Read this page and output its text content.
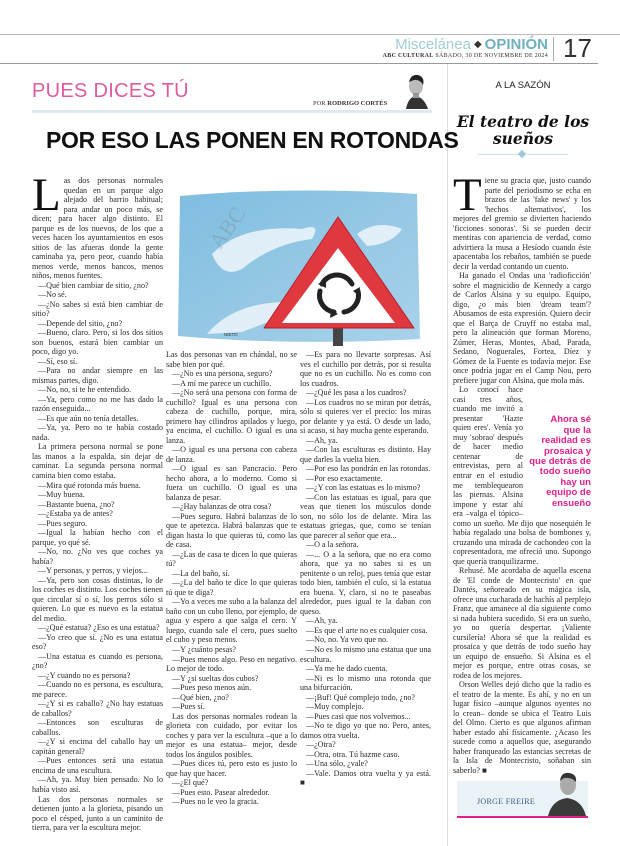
Miscelánea ◆ OPINIÓN
ABC CULTURAL SÁBADO, 30 DE NOVIEMBRE DE 2024 17
PUES DICES TÚ
POR RODRIGO CORTÉS
POR ESO LAS PONEN EN ROTONDAS
A LA SAZÓN
El teatro de los sueños
NIETO
ABC
Las dos personas normales quedan en un parque algo alejado del barrio habitual; para andar un poco más, se dicen; para hacer algo distinto. El parque es de los nuevos, de los que a veces hacen los ayuntamientos en esos sitios de las afueras donde la gente caminaba ya, pero peor, cuando había menos verde, menos bancos, menos niños, menos fuentes.

—Qué bien cambiar de sitio, ¿no?

—No sé.

—¿No sabes si está bien cambiar de sitio?

—Depende del sitio, ¿no?

—Bueno, claro. Pero, si los dos sitios son buenos, estará bien cambiar un poco, digo yo.

—Sí, eso sí.

—Para no andar siempre en las mismas partes, digo.

—No, no, si te he entendido.

—Ya, pero como no me has dado la razón enseguida...

—Es que aún no tenía detalles.

—Ya, ya. Pero no te había costado nada.

La primera persona normal se pone las manos a la espalda, sin dejar de caminar. La segunda persona normal camina bien como estaba.

—Mira qué rotonda más buena.

—Muy buena.

—Bastante buena, ¿no?

—¿Estaba ya de antes?

—Pues seguro.

—Igual la habían hecho con el parque, yo qué sé.

—No, no. ¿No ves que coches ya había?

—Y personas, y perros, y viejos...

—Ya, pero son cosas distintas, lo de los coches es distinto. Los coches tienen que circular sí o sí, los perros sólo si quieren. Lo que es nuevo es la estatua del medio.

—¿Qué estatua? ¿Eso es una estatua?

—Yo creo que sí. ¿No es una estatua eso?

—Una estatua es cuando es persona, ¿no?

—¿Y cuando no es persona?

—Cuando no es persona, es escultura, me parece.

—¿Y si es caballo? ¿No hay estatuas de caballos?

—Entonces son esculturas de caballos.

—¿Y si encima del caballo hay un capitán general?

—Pues entonces será una estatua encima de una escultura.

—Ah, ya. Muy bien pensado. No lo había visto así.

Las dos personas normales se detienen junto a la glorieta, pisando un poco el césped, junto a un caminito de tierra, para ver la escultura mejor.

Las dos personas van en chándal, no se sabe bien por qué.

—¿No es una persona, seguro?

—A mí me parece un cuchillo.

—¿No será una persona con forma de cuchillo? Igual es una persona con cabeza de cuchillo, porque, mira, primero hay cilindros apilados y luego, ya encima, el cuchillo. O igual es una lanza.

—O igual es una persona con cabeza de lanza.

—O igual es san Pancracio. Pero hecho ahora, a lo moderno. Como si fuera un cuchillo. O igual es una balanza de pesar.

—¿Hay balanzas de otra cosa?

—Pues seguro. Habrá balanzas de lo que te apetezca. Habrá balanzas que te digan hasta lo que quieras tú, como las de casa.

—¿Las de casa te dicen lo que quieras tú?

—La del baño, sí.

—¿La del baño te dice lo que quieras tú que te diga?

—Yo a veces me subo a la balanza del baño con un cubo lleno, por ejemplo, de agua y espero a que salga el cero. Y luego, cuando sale el cero, pues suelto el cubo y peso menos.

—Y ¿cuánto pesas?

—Pues menos algo. Peso en negativo. Lo mejor de todo.

—Y ¿si sueltas dos cubos?

—Pues peso menos aún.

—Qué bien, ¿no?

—Pues sí.

Las dos personas normales rodean la glorieta con cuidado, por evitar los coches y para ver la escultura –que a lo mejor es una estatua– mejor, desde todos los ángulos posibles.

—Pues dices tú, pero esto es justo lo que hay que hacer.

—¿El qué?

—Pues esto. Pasear alrededor.

—Pues no le veo la gracia.

—Es para no llevarte sorpresas. Así ves el cuchillo por detrás, por si resulta que no es un cuchillo. No es como con los cuadros.

—¿Qué les pasa a los cuadros?

—Los cuadros no se miran por detrás, sólo si quieres ver el precio: los miras por delante y ya está. O desde un lado, si acaso, si hay mucha gente esperando.

—Ah, ya.

—Con las esculturas es distinto. Hay que darles la vuelta bien.

—Por eso las pondrán en las rotondas.

—Por eso exactamente.

—¿Y con las estatuas es lo mismo?

—Con las estatuas es igual, para que veas que tienen los músculos donde son, no sólo los de delante. Mira las estatuas griegas, que, como se tenían que parecer al señor que era...

—O a la señora.

—... O a la señora, que no era como ahora, que ya no sabes si es un penitente o un reloj, pues tenía que estar todo bien, también el culo, si la estatua era buena. Y, claro, si no te paseabas alrededor, pues igual te la daban con queso.

—Ah, ya.

—Es que el arte no es cualquier cosa.

—No, no. Ya veo que no.

—No es lo mismo una estatua que una escultura.

—Ya me he dado cuenta.

—Ni es lo mismo una rotonda que una bifurcación.

—¡Buf! Qué complejo todo, ¿no?

—Muy complejo.

—Pues casi que nos volvemos...

—No te digo yo que no. Pero, antes, damos otra vuelta.

—¿Otra?

—Otra, otra. Tú hazme caso.

—Una sólo, ¿vale?

—Vale. Damos otra vuelta y ya está. ■

Tiene su gracia que, justo cuando parte del periodismo se echa en brazos de las 'fake news' y los 'hechos alternativos', los mejores del gremio se divierten haciendo 'ficciones sonoras'. Si se pueden decir mentiras con apariencia de verdad, como advirtiera la musa a Hesíodo cuando éste apacentaba los rebaños, también se puede decir la verdad contando un cuento.

Ha ganado el Ondas una 'radioficción' sobre el magnicidio de Kennedy a cargo de Carlos Alsina y su equipo. Equipo, digo, ¿o más bien 'dream team'? Abusamos de esta expresión. Quiero decir que el Barça de Cruyff no estaba mal, pero la alineación que forman Moreno, Zúmer, Heras, Montes, Abad, Parada, Sedano, Noguerales, Fortea, Díez y Gómez de la Fuente es todavía mejor. Ese once podría jugar en el Camp Nou, pero prefiere jugar con Alsina, que mola más.

Ahora sé que la realidad es prosaica y que detrás de todo sueño hay un equipo de ensueño
Lo conocí hace casi tres años, cuando me invitó a presentar 'Hazte quien eres'. Venía yo muy 'sobrao' después de hacer medio centenar de entrevistas, pero al entrar en el estudio me temblequearon las piernas. Alsina impone y estar ahí era –valga el tópico– como un sueño. Me dijo que nosequién le había regalado una bolsa de bombones y, cruzando una mirada de cachondeo con la copresentadora, me ofreció uno. Supongo que quería tranquilizarme.

Rehusé. Me acordaba de aquella escena de 'El conde de Montecristo' en que Dantés, señoreado en su mágica isla, ofrece una cucharada de hachís al perplejo Franz, que amanece al día siguiente como si nada hubiera sucedido. Si era un sueño, yo no quería despertar. ¡Valiente cursilería! Ahora sé que la realidad es prosaica y que detrás de todo sueño hay un equipo de ensueño. Si Alsina es el mejor es porque, entre otras cosas, se rodea de los mejores.

Orson Welles dejó dicho que la radio es el teatro de la mente. Es ahí, y no en un lugar físico –aunque algunos oyentes no lo crean– donde se ubica el Teatro Luis del Olmo. Cierto es que algunos afirman haber estado ahí físicamente. ¿Acaso les sucede como a aquellos que, asegurando haber franqueado las estancias secretas de la Isla de Montecristo, soñaban sin saberlo? ■

JORGE FREIRE
